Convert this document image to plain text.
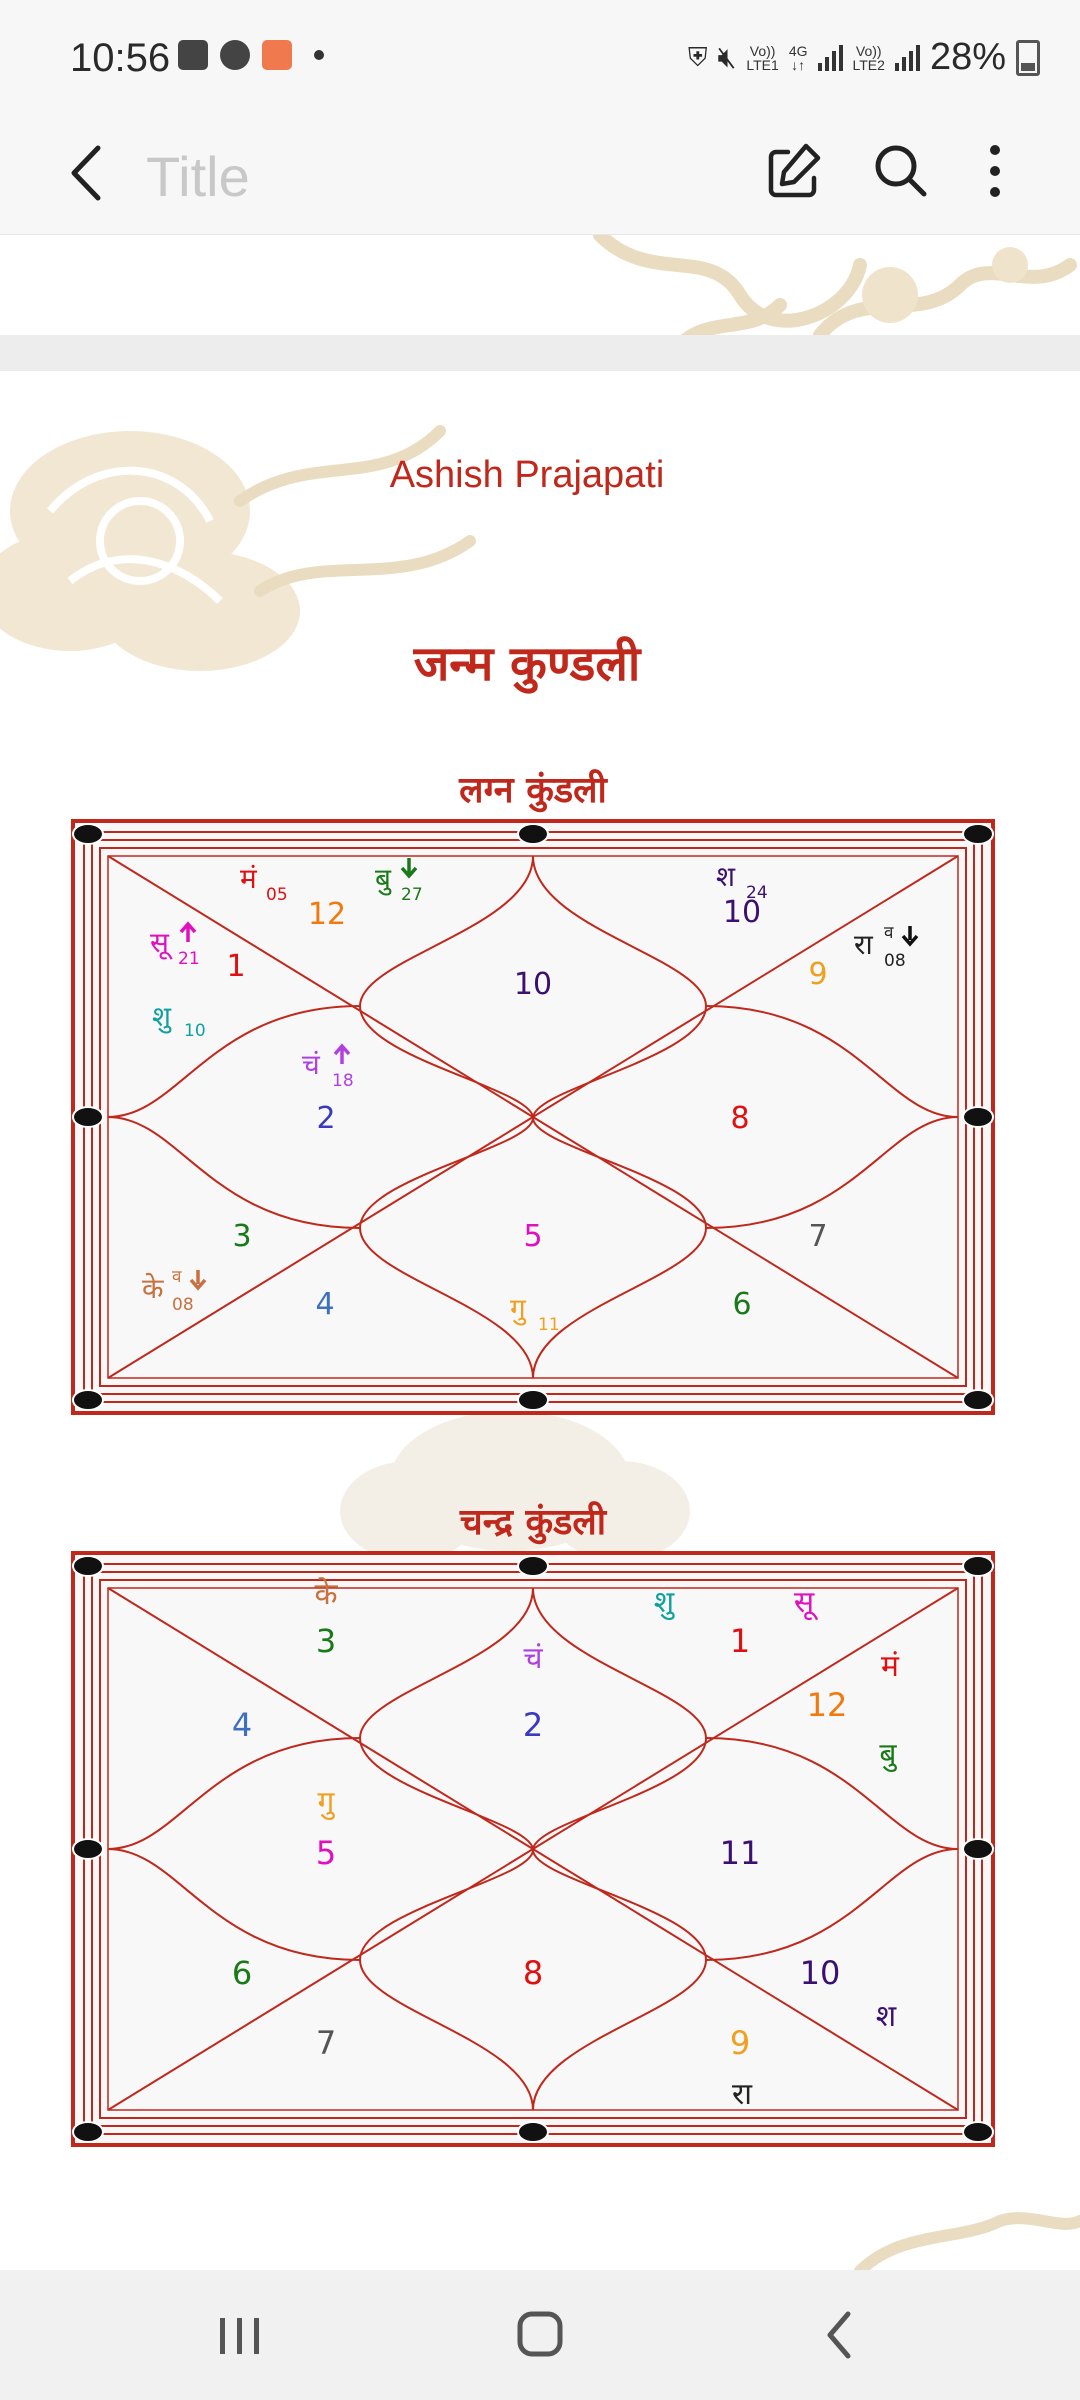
10:56	⛨ 🔇︎ Vo))
LTE1
4G
↓↑
Vo))
LTE2 28%
Title
Ashish Prajapati
जन्म कुण्डली
लग्न कुंडली
10
1
12
2
3
4
5
6
7
8
9
10
मं 05	बु 27
सू 21
शु 10
चं 18
श 24
रा व
08
के व
08	गु 11
चन्द्र कुंडली
2
3
4
5
6
7
8
9
10
11
12
1
के
चं
शु	सू
मं
बु
गु
श
रा
